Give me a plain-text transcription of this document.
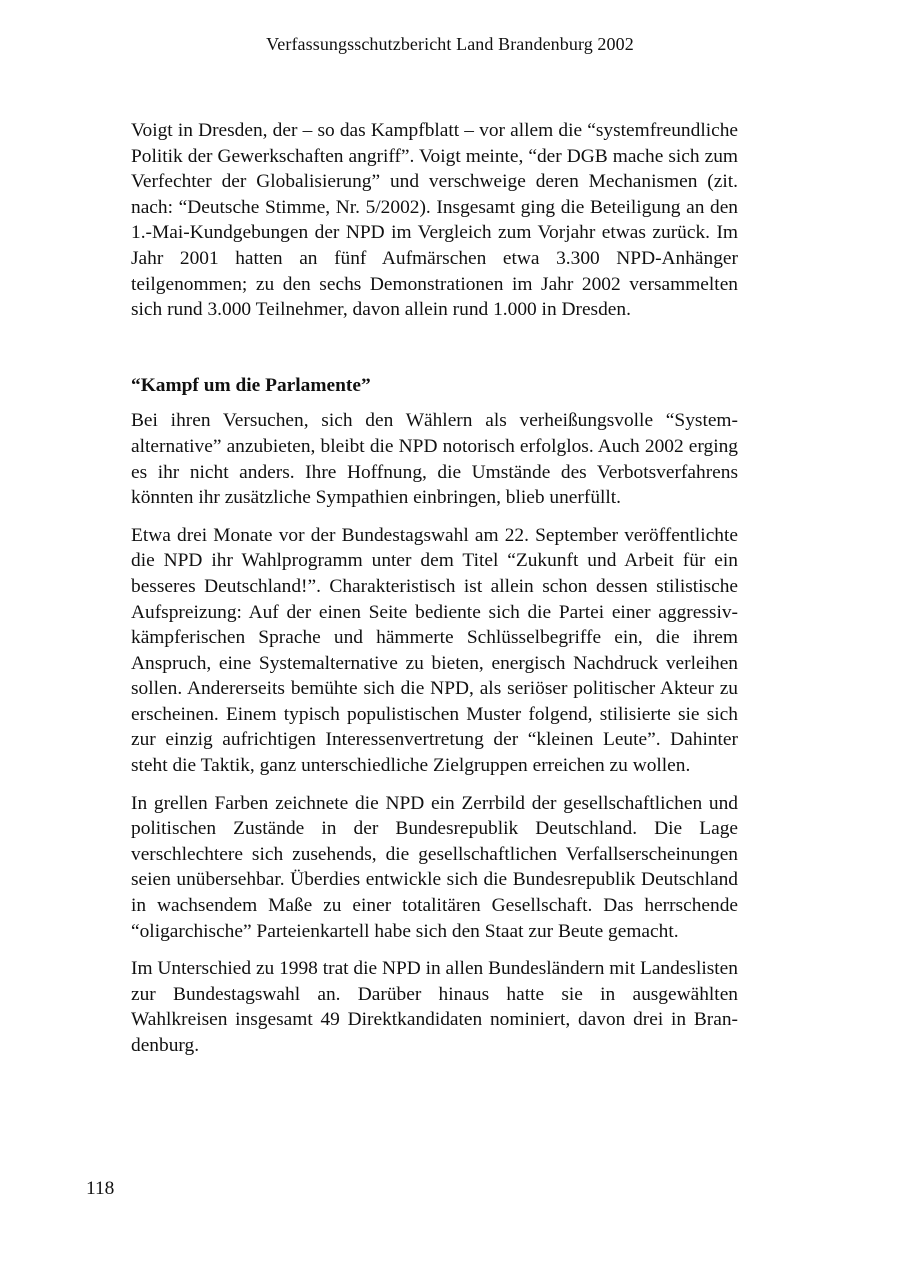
Verfassungsschutzbericht Land Brandenburg 2002

Voigt in Dresden, der – so das Kampfblatt – vor allem die “systemfreundliche Politik der Gewerkschaften angriff”. Voigt meinte, “der DGB mache sich zum Verfechter der Globalisierung” und verschweige deren Mechanismen (zit. nach: “Deutsche Stimme, Nr. 5/2002). Insgesamt ging die Beteiligung an den 1.-Mai-Kundgebungen der NPD im Vergleich zum Vorjahr etwas zurück. Im Jahr 2001 hatten an fünf Aufmärschen etwa 3.300 NPD-Anhänger teilgenommen; zu den sechs Demonstrationen im Jahr 2002 versammelten sich rund 3.000 Teilnehmer, davon allein rund 1.000 in Dresden.

“Kampf um die Parlamente”

Bei ihren Versuchen, sich den Wählern als verheißungsvolle “Systemalternative” anzubieten, bleibt die NPD notorisch erfolglos. Auch 2002 erging es ihr nicht anders. Ihre Hoffnung, die Umstände des Verbotsverfahrens könnten ihr zusätzliche Sympathien einbringen, blieb unerfüllt.

Etwa drei Monate vor der Bundestagswahl am 22. September veröffentlichte die NPD ihr Wahlprogramm unter dem Titel “Zukunft und Arbeit für ein besseres Deutschland!”. Charakteristisch ist allein schon dessen stilistische Aufspreizung: Auf der einen Seite bediente sich die Partei einer aggressiv-kämpferischen Sprache und hämmerte Schlüsselbegriffe ein, die ihrem Anspruch, eine Systemalternative zu bieten, energisch Nachdruck verleihen sollen. Andererseits bemühte sich die NPD, als seriöser politischer Akteur zu erscheinen. Einem typisch populistischen Muster folgend, stilisierte sie sich zur einzig aufrichtigen Interessenvertretung der “kleinen Leute”. Dahinter steht die Taktik, ganz unterschiedliche Zielgruppen erreichen zu wollen.

In grellen Farben zeichnete die NPD ein Zerrbild der gesellschaftlichen und politischen Zustände in der Bundesrepublik Deutschland. Die Lage verschlechtere sich zusehends, die gesellschaftlichen Verfallserscheinungen seien unübersehbar. Überdies entwickle sich die Bundesrepublik Deutschland in wachsendem Maße zu einer totalitären Gesellschaft. Das herrschende “oligarchische” Parteienkartell habe sich den Staat zur Beute gemacht.

Im Unterschied zu 1998 trat die NPD in allen Bundesländern mit Landeslisten zur Bundestagswahl an. Darüber hinaus hatte sie in ausgewählten Wahlkreisen insgesamt 49 Direktkandidaten nominiert, davon drei in Brandenburg.

118
